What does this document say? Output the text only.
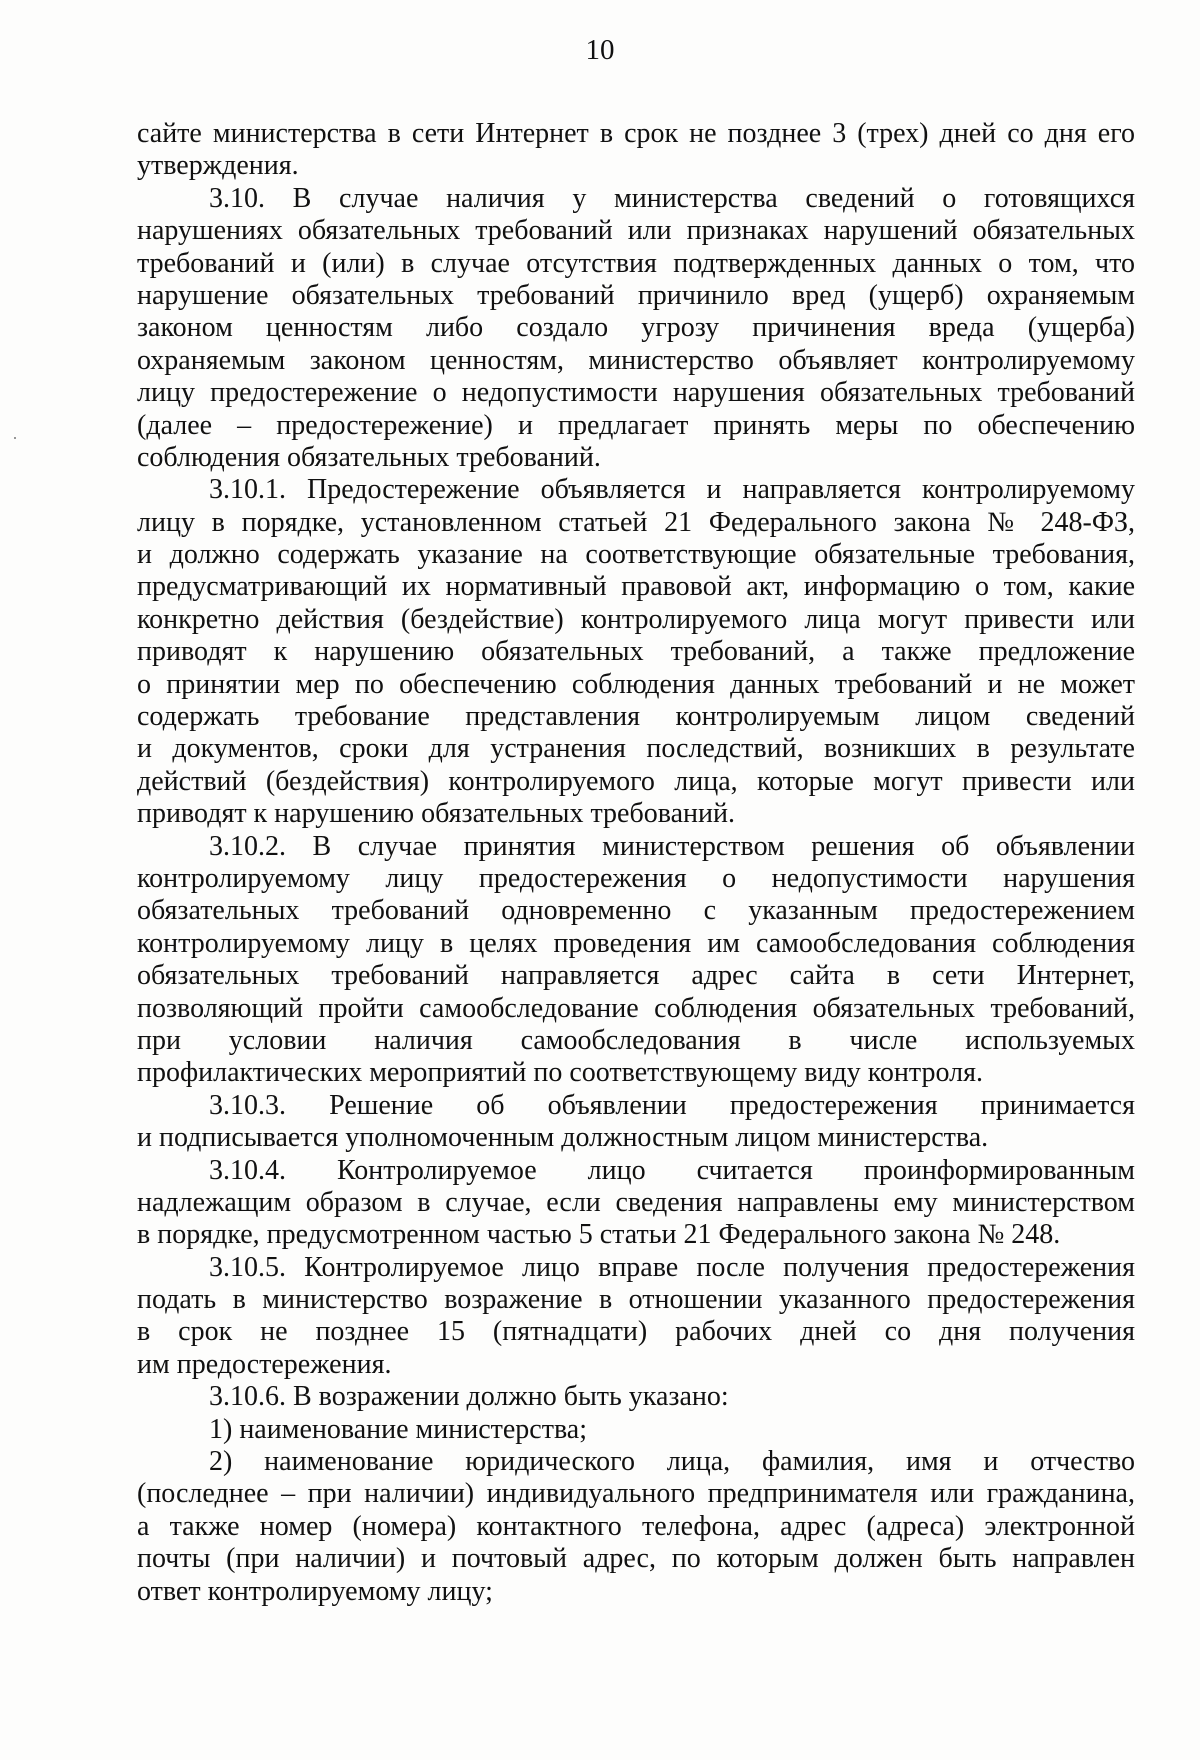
10
сайте министерства в сети Интернет в срок не позднее 3 (трех) дней со дня его
утверждения.
3.10. В случае наличия у министерства сведений о готовящихся
нарушениях обязательных требований или признаках нарушений обязательных
требований и (или) в случае отсутствия подтвержденных данных о том, что
нарушение обязательных требований причинило вред (ущерб) охраняемым
законом ценностям либо создало угрозу причинения вреда (ущерба)
охраняемым законом ценностям, министерство объявляет контролируемому
лицу предостережение о недопустимости нарушения обязательных требований
(далее – предостережение) и предлагает принять меры по обеспечению
соблюдения обязательных требований.
3.10.1. Предостережение объявляется и направляется контролируемому
лицу в порядке, установленном статьей 21 Федерального закона № 248-ФЗ,
и должно содержать указание на соответствующие обязательные требования,
предусматривающий их нормативный правовой акт, информацию о том, какие
конкретно действия (бездействие) контролируемого лица могут привести или
приводят к нарушению обязательных требований, а также предложение
о принятии мер по обеспечению соблюдения данных требований и не может
содержать требование представления контролируемым лицом сведений
и документов, сроки для устранения последствий, возникших в результате
действий (бездействия) контролируемого лица, которые могут привести или
приводят к нарушению обязательных требований.
3.10.2. В случае принятия министерством решения об объявлении
контролируемому лицу предостережения о недопустимости нарушения
обязательных требований одновременно с указанным предостережением
контролируемому лицу в целях проведения им самообследования соблюдения
обязательных требований направляется адрес сайта в сети Интернет,
позволяющий пройти самообследование соблюдения обязательных требований,
при условии наличия самообследования в числе используемых
профилактических мероприятий по соответствующему виду контроля.
3.10.3. Решение об объявлении предостережения принимается
и подписывается уполномоченным должностным лицом министерства.
3.10.4. Контролируемое лицо считается проинформированным
надлежащим образом в случае, если сведения направлены ему министерством
в порядке, предусмотренном частью 5 статьи 21 Федерального закона № 248.
3.10.5. Контролируемое лицо вправе после получения предостережения
подать в министерство возражение в отношении указанного предостережения
в срок не позднее 15 (пятнадцати) рабочих дней со дня получения
им предостережения.
3.10.6. В возражении должно быть указано:
1) наименование министерства;
2) наименование юридического лица, фамилия, имя и отчество
(последнее – при наличии) индивидуального предпринимателя или гражданина,
а также номер (номера) контактного телефона, адрес (адреса) электронной
почты (при наличии) и почтовый адрес, по которым должен быть направлен
ответ контролируемому лицу;
